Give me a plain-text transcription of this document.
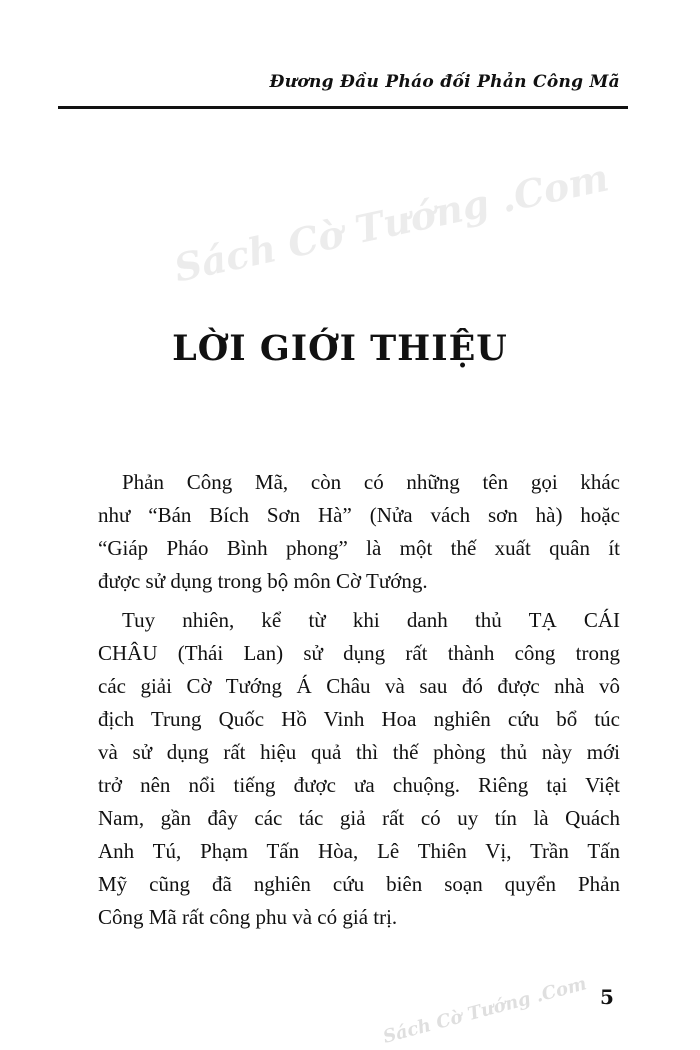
Đương Đầu Pháo đối Phản Công Mã
Sách Cờ Tướng .Com
Sách Cờ Tướng .Com
LỜI GIỚI THIỆU
Phản Công Mã, còn có những tên gọi khác
như “Bán Bích Sơn Hà” (Nửa vách sơn hà) hoặc
“Giáp Pháo Bình phong” là một thế xuất quân ít
được sử dụng trong bộ môn Cờ Tướng.
Tuy nhiên, kể từ khi danh thủ TẠ CÁI
CHÂU (Thái Lan) sử dụng rất thành công trong
các giải Cờ Tướng Á Châu và sau đó được nhà vô
địch Trung Quốc Hồ Vinh Hoa nghiên cứu bổ túc
và sử dụng rất hiệu quả thì thế phòng thủ này mới
trở nên nổi tiếng được ưa chuộng. Riêng tại Việt
Nam, gần đây các tác giả rất có uy tín là Quách
Anh Tú, Phạm Tấn Hòa, Lê Thiên Vị, Trần Tấn
Mỹ cũng đã nghiên cứu biên soạn quyển Phản
Công Mã rất công phu và có giá trị.
5
